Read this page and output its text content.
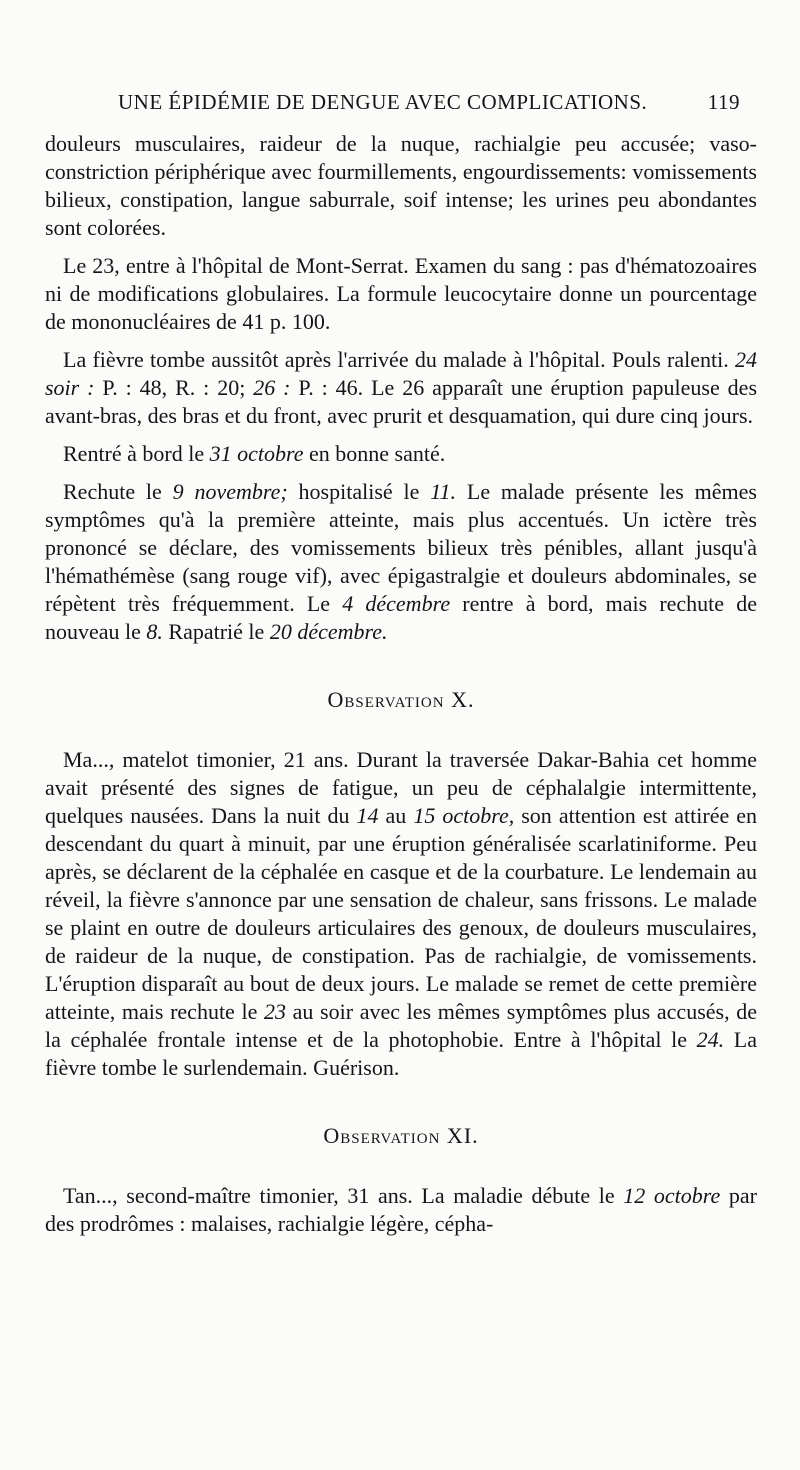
UNE ÉPIDÉMIE DE DENGUE AVEC COMPLICATIONS.	119

douleurs musculaires, raideur de la nuque, rachialgie peu accusée; vaso-constriction périphérique avec fourmillements, engourdissements: vomissements bilieux, constipation, langue saburrale, soif intense; les urines peu abondantes sont colorées.

Le 23, entre à l'hôpital de Mont-Serrat. Examen du sang : pas d'hématozoaires ni de modifications globulaires. La formule leucocytaire donne un pourcentage de mononucléaires de 41 p. 100.

La fièvre tombe aussitôt après l'arrivée du malade à l'hôpital. Pouls ralenti. 24 soir : P. : 48, R. : 20; 26 : P. : 46. Le 26 apparaît une éruption papuleuse des avant-bras, des bras et du front, avec prurit et desquamation, qui dure cinq jours.

Rentré à bord le 31 octobre en bonne santé.

Rechute le 9 novembre; hospitalisé le 11. Le malade présente les mêmes symptômes qu'à la première atteinte, mais plus accentués. Un ictère très prononcé se déclare, des vomissements bilieux très pénibles, allant jusqu'à l'hémathémèse (sang rouge vif), avec épigastralgie et douleurs abdominales, se répètent très fréquemment. Le 4 décembre rentre à bord, mais rechute de nouveau le 8. Rapatrié le 20 décembre.

Observation X.

Ma..., matelot timonier, 21 ans. Durant la traversée Dakar-Bahia cet homme avait présenté des signes de fatigue, un peu de céphalalgie intermittente, quelques nausées. Dans la nuit du 14 au 15 octobre, son attention est attirée en descendant du quart à minuit, par une éruption généralisée scarlatiniforme. Peu après, se déclarent de la céphalée en casque et de la courbature. Le lendemain au réveil, la fièvre s'annonce par une sensation de chaleur, sans frissons. Le malade se plaint en outre de douleurs articulaires des genoux, de douleurs musculaires, de raideur de la nuque, de constipation. Pas de rachialgie, de vomissements. L'éruption disparaît au bout de deux jours. Le malade se remet de cette première atteinte, mais rechute le 23 au soir avec les mêmes symptômes plus accusés, de la céphalée frontale intense et de la photophobie. Entre à l'hôpital le 24. La fièvre tombe le surlendemain. Guérison.

Observation XI.

Tan..., second-maître timonier, 31 ans. La maladie débute le 12 octobre par des prodrômes : malaises, rachialgie légère, cépha-
